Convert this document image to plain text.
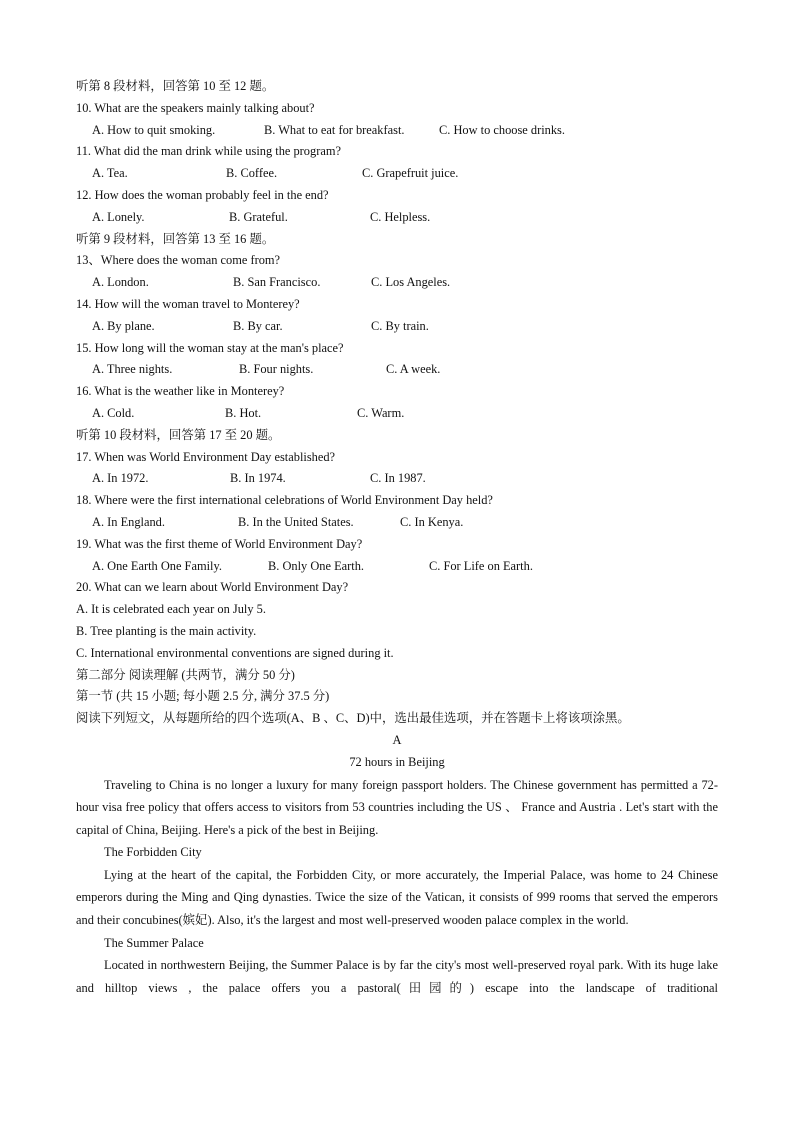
听第 8 段材料，回答第 10 至 12 题。
10. What are the speakers mainly talking about?
A. How to quit smoking.	B. What to eat for breakfast.	C. How to choose drinks.
11. What did the man drink while using the program?
A. Tea.	B. Coffee.	C. Grapefruit juice.
12. How does the woman probably feel in the end?
A. Lonely.	B. Grateful.	C. Helpless.
听第 9 段材料，回答第 13 至 16 题。
13、Where does the woman come from?
A. London.	B. San Francisco.	C. Los Angeles.
14. How will the woman travel to Monterey?
A. By plane.	B. By car.	C. By train.
15. How long will the woman stay at the man's place?
A. Three nights.	B. Four nights.	C. A week.
16. What is the weather like in Monterey?
A. Cold.	B. Hot.	C. Warm.
听第 10 段材料，回答第 17 至 20 题。
17. When was World Environment Day established?
A. In 1972.	B. In 1974.	C. In 1987.
18. Where were the first international celebrations of World Environment Day held?
A. In England.	B. In the United States.	C. In Kenya.
19. What was the first theme of World Environment Day?
A. One Earth One Family.	B. Only One Earth.	C. For Life on Earth.
20. What can we learn about World Environment Day?
A. It is celebrated each year on July 5.
B. Tree planting is the main activity.
C. International environmental conventions are signed during it.
第二部分 阅读理解 (共两节，满分 50 分)
第一节 (共 15 小题; 每小题 2.5 分, 满分 37.5 分)
阅读下列短文，从每题所给的四个选项(A、B 、C、D)中，选出最佳选项，并在答题卡上将该项涂黑。
A
72 hours in Beijing

Traveling to China is no longer a luxury for many foreign passport holders. The Chinese government has permitted a 72-hour visa free policy that offers access to visitors from 53 countries including the US 、 France and Austria . Let's start with the capital of China, Beijing. Here's a pick of the best in Beijing.

The Forbidden City

Lying at the heart of the capital, the Forbidden City, or more accurately, the Imperial Palace, was home to 24 Chinese emperors during the Ming and Qing dynasties. Twice the size of the Vatican, it consists of 999 rooms that served the emperors and their concubines(嫔妃). Also, it's the largest and most well-preserved wooden palace complex in the world.

The Summer Palace

Located in northwestern Beijing, the Summer Palace is by far the city's most well-preserved royal park. With its huge lake and hilltop views , the palace offers you a pastoral(田园的) escape into the landscape of traditional
